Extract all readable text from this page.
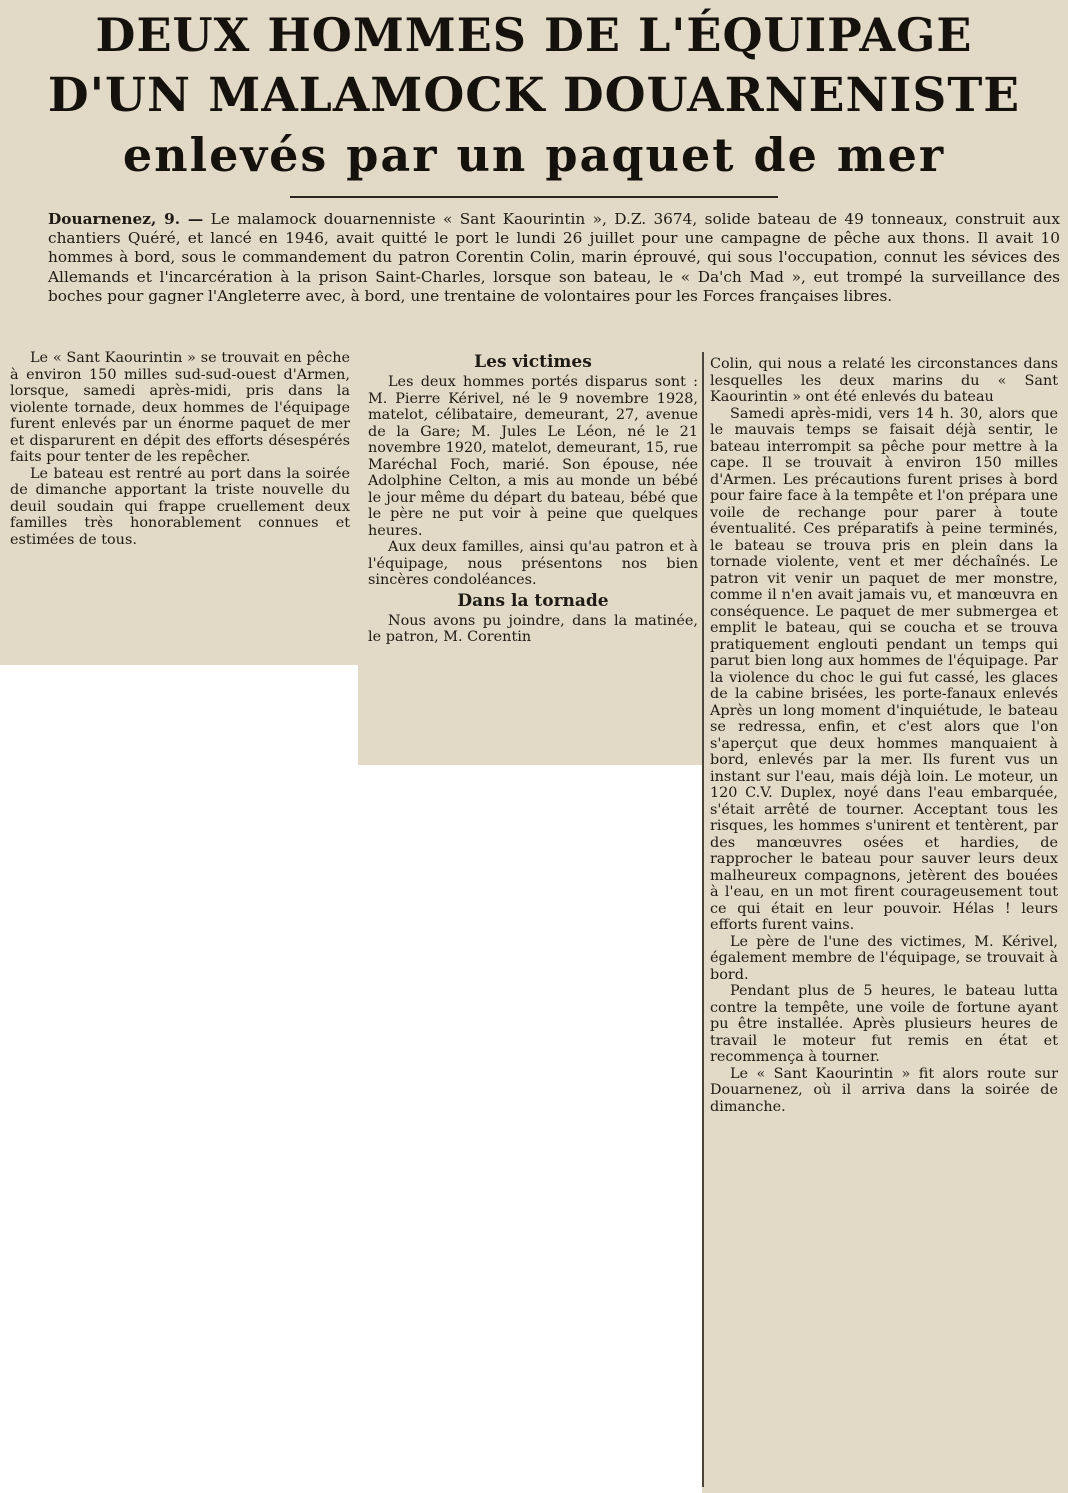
DEUX HOMMES DE L'ÉQUIPAGE
D'UN MALAMOCK DOUARNENISTE
enlevés par un paquet de mer
Douarnenez, 9. — Le malamock douarnenniste « Sant Kaourintin », D.Z. 3674, solide bateau de 49 tonneaux, construit aux chantiers Quéré, et lancé en 1946, avait quitté le port le lundi 26 juillet pour une campagne de pêche aux thons. Il avait 10 hommes à bord, sous le commandement du patron Corentin Colin, marin éprouvé, qui sous l'occupation, connut les sévices des Allemands et l'incarcération à la prison Saint-Charles, lorsque son bateau, le « Da'ch Mad », eut trompé la surveillance des boches pour gagner l'Angleterre avec, à bord, une trentaine de volontaires pour les Forces françaises libres.

Le « Sant Kaourintin » se trouvait en pêche à environ 150 milles sud-sud-ouest d'Armen, lorsque, samedi après-midi, pris dans la violente tornade, deux hommes de l'équipage furent enlevés par un énorme paquet de mer et disparurent en dépit des efforts désespérés faits pour tenter de les repêcher.

Le bateau est rentré au port dans la soirée de dimanche apportant la triste nouvelle du deuil soudain qui frappe cruellement deux familles très honorablement connues et estimées de tous.

Les victimes

Les deux hommes portés disparus sont : M. Pierre Kérivel, né le 9 novembre 1928, matelot, célibataire, demeurant, 27, avenue de la Gare; M. Jules Le Léon, né le 21 novembre 1920, matelot, demeurant, 15, rue Maréchal Foch, marié. Son épouse, née Adolphine Celton, a mis au monde un bébé le jour même du départ du bateau, bébé que le père ne put voir à peine que quelques heures.

Aux deux familles, ainsi qu'au patron et à l'équipage, nous présentons nos bien sincères condoléances.

Dans la tornade

Nous avons pu joindre, dans la matinée, le patron, M. Corentin

Colin, qui nous a relaté les circonstances dans lesquelles les deux marins du « Sant Kaourintin » ont été enlevés du bateau

Samedi après-midi, vers 14 h. 30, alors que le mauvais temps se faisait déjà sentir, le bateau interrompit sa pêche pour mettre à la cape. Il se trouvait à environ 150 milles d'Armen. Les précautions furent prises à bord pour faire face à la tempête et l'on prépara une voile de rechange pour parer à toute éventualité. Ces préparatifs à peine terminés, le bateau se trouva pris en plein dans la tornade violente, vent et mer déchaînés. Le patron vit venir un paquet de mer monstre, comme il n'en avait jamais vu, et manœuvra en conséquence. Le paquet de mer submergea et emplit le bateau, qui se coucha et se trouva pratiquement englouti pendant un temps qui parut bien long aux hommes de l'équipage. Par la violence du choc le gui fut cassé, les glaces de la cabine brisées, les porte-fanaux enlevés Après un long moment d'inquiétude, le bateau se redressa, enfin, et c'est alors que l'on s'aperçut que deux hommes manquaient à bord, enlevés par la mer. Ils furent vus un instant sur l'eau, mais déjà loin. Le moteur, un 120 C.V. Duplex, noyé dans l'eau embarquée, s'était arrêté de tourner. Acceptant tous les risques, les hommes s'unirent et tentèrent, par des manœuvres osées et hardies, de rapprocher le bateau pour sauver leurs deux malheureux compagnons, jetèrent des bouées à l'eau, en un mot firent courageusement tout ce qui était en leur pouvoir. Hélas ! leurs efforts furent vains.

Le père de l'une des victimes, M. Kérivel, également membre de l'équipage, se trouvait à bord.

Pendant plus de 5 heures, le bateau lutta contre la tempête, une voile de fortune ayant pu être installée. Après plusieurs heures de travail le moteur fut remis en état et recommença à tourner.

Le « Sant Kaourintin » fit alors route sur Douarnenez, où il arriva dans la soirée de dimanche.
